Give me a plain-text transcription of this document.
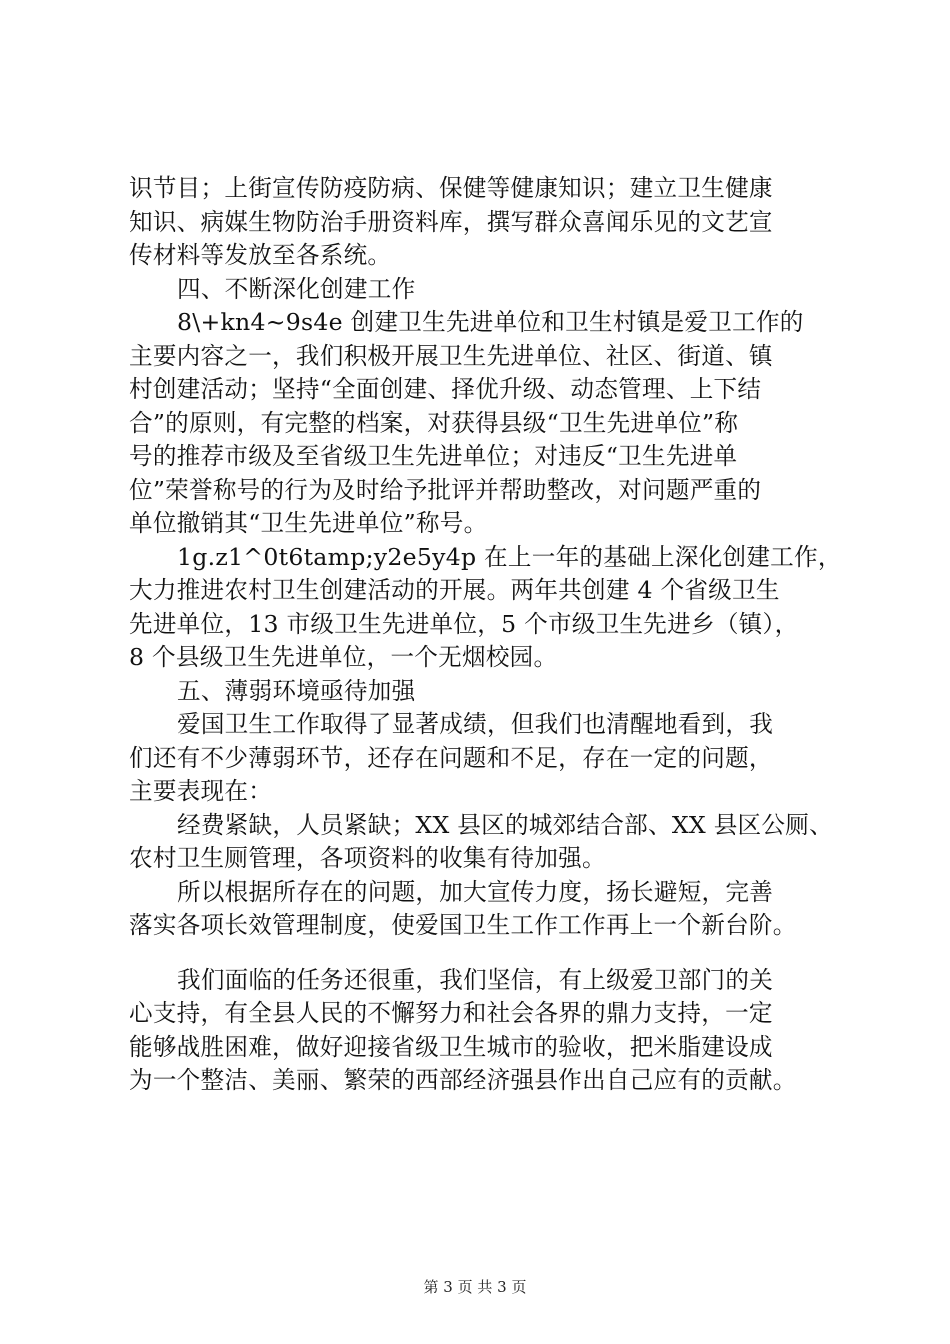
识节目；上街宣传防疫防病、保健等健康知识；建立卫生健康
知识、病媒生物防治手册资料库，撰写群众喜闻乐见的文艺宣
传材料等发放至各系统。

四、不断深化创建工作

8\+kn4~9s4e 创建卫生先进单位和卫生村镇是爱卫工作的
主要内容之一，我们积极开展卫生先进单位、社区、街道、镇
村创建活动；坚持“全面创建、择优升级、动态管理、上下结
合”的原则，有完整的档案，对获得县级“卫生先进单位”称
号的推荐市级及至省级卫生先进单位；对违反“卫生先进单
位”荣誉称号的行为及时给予批评并帮助整改，对问题严重的
单位撤销其“卫生先进单位”称号。

1g.z1^0t6tamp;y2e5y4p 在上一年的基础上深化创建工作，
大力推进农村卫生创建活动的开展。两年共创建 4 个省级卫生
先进单位，13 市级卫生先进单位，5 个市级卫生先进乡（镇），
8 个县级卫生先进单位，一个无烟校园。

五、薄弱环境亟待加强

爱国卫生工作取得了显著成绩，但我们也清醒地看到，我
们还有不少薄弱环节，还存在问题和不足，存在一定的问题，
主要表现在：

经费紧缺，人员紧缺；XX 县区的城郊结合部、XX 县区公厕、
农村卫生厕管理，各项资料的收集有待加强。

所以根据所存在的问题，加大宣传力度，扬长避短，完善
落实各项长效管理制度，使爱国卫生工作工作再上一个新台阶。

我们面临的任务还很重，我们坚信，有上级爱卫部门的关
心支持，有全县人民的不懈努力和社会各界的鼎力支持，一定
能够战胜困难，做好迎接省级卫生城市的验收，把米脂建设成
为一个整洁、美丽、繁荣的西部经济强县作出自己应有的贡献。

第 3 页 共 3 页
